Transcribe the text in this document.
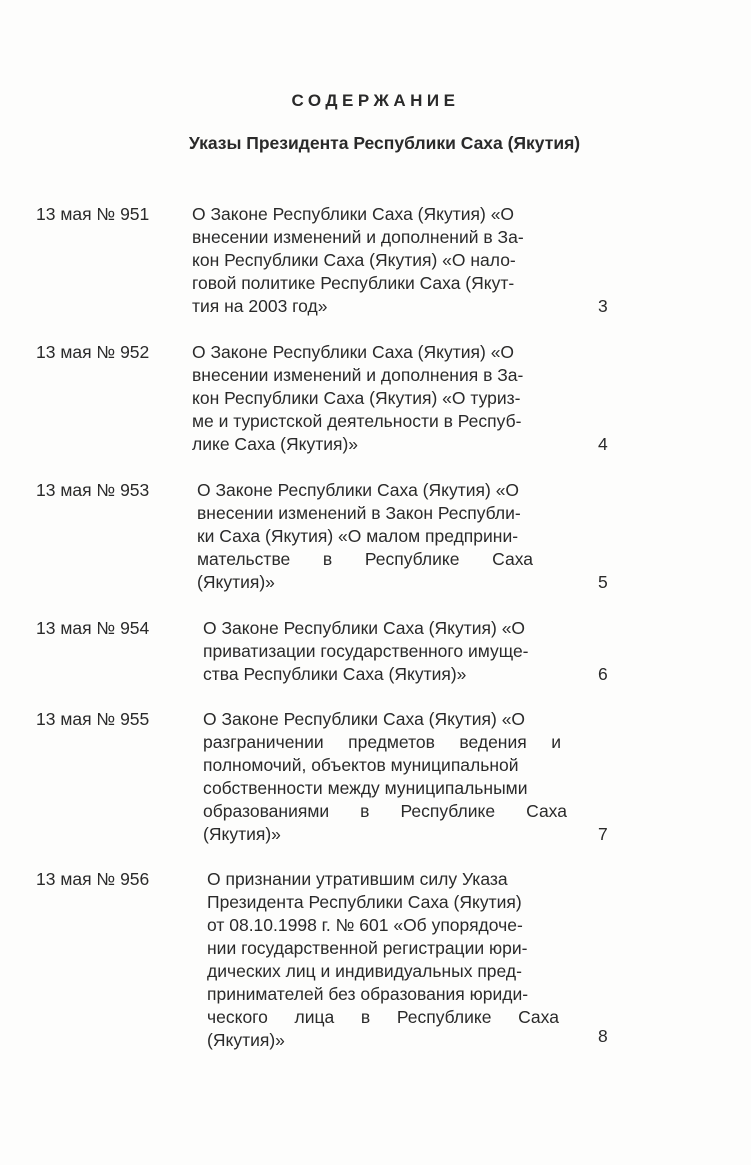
СОДЕРЖАНИЕ
Указы Президента Республики Саха (Якутия)
13 мая № 951 О Законе Республики Саха (Якутия) «О
внесении изменений и дополнений в За-
кон Республики Саха (Якутия) «О нало-
говой политике Республики Саха (Якут-
тия на 2003 год»	3
13 мая № 952 О Законе Республики Саха (Якутия) «О
внесении изменений и дополнения в За-
кон Республики Саха (Якутия) «О туриз-
ме и туристской деятельности в Респуб-
лике Саха (Якутия)»	4
13 мая № 953	О Законе Республики Саха (Якутия) «О
внесении изменений в Закон Республи-
ки Саха (Якутия) «О малом предприни-
мательстве в Республике Саха
(Якутия)»	5
13 мая № 954	О Законе Республики Саха (Якутия) «О
приватизации государственного имуще-
ства Республики Саха (Якутия)»	6
13 мая № 955	О Законе Республики Саха (Якутия) «О
разграничении предметов ведения и
полномочий, объектов муниципальной
собственности между муниципальными
образованиями в Республике Саха
(Якутия)»	7
13 мая № 956	О признании утратившим силу Указа
Президента Республики Саха (Якутия)
от 08.10.1998 г. № 601 «Об упорядоче-
нии государственной регистрации юри-
дических лиц и индивидуальных пред-
принимателей без образования юриди-
ческого лица в Республике Саха
(Якутия)»	8
